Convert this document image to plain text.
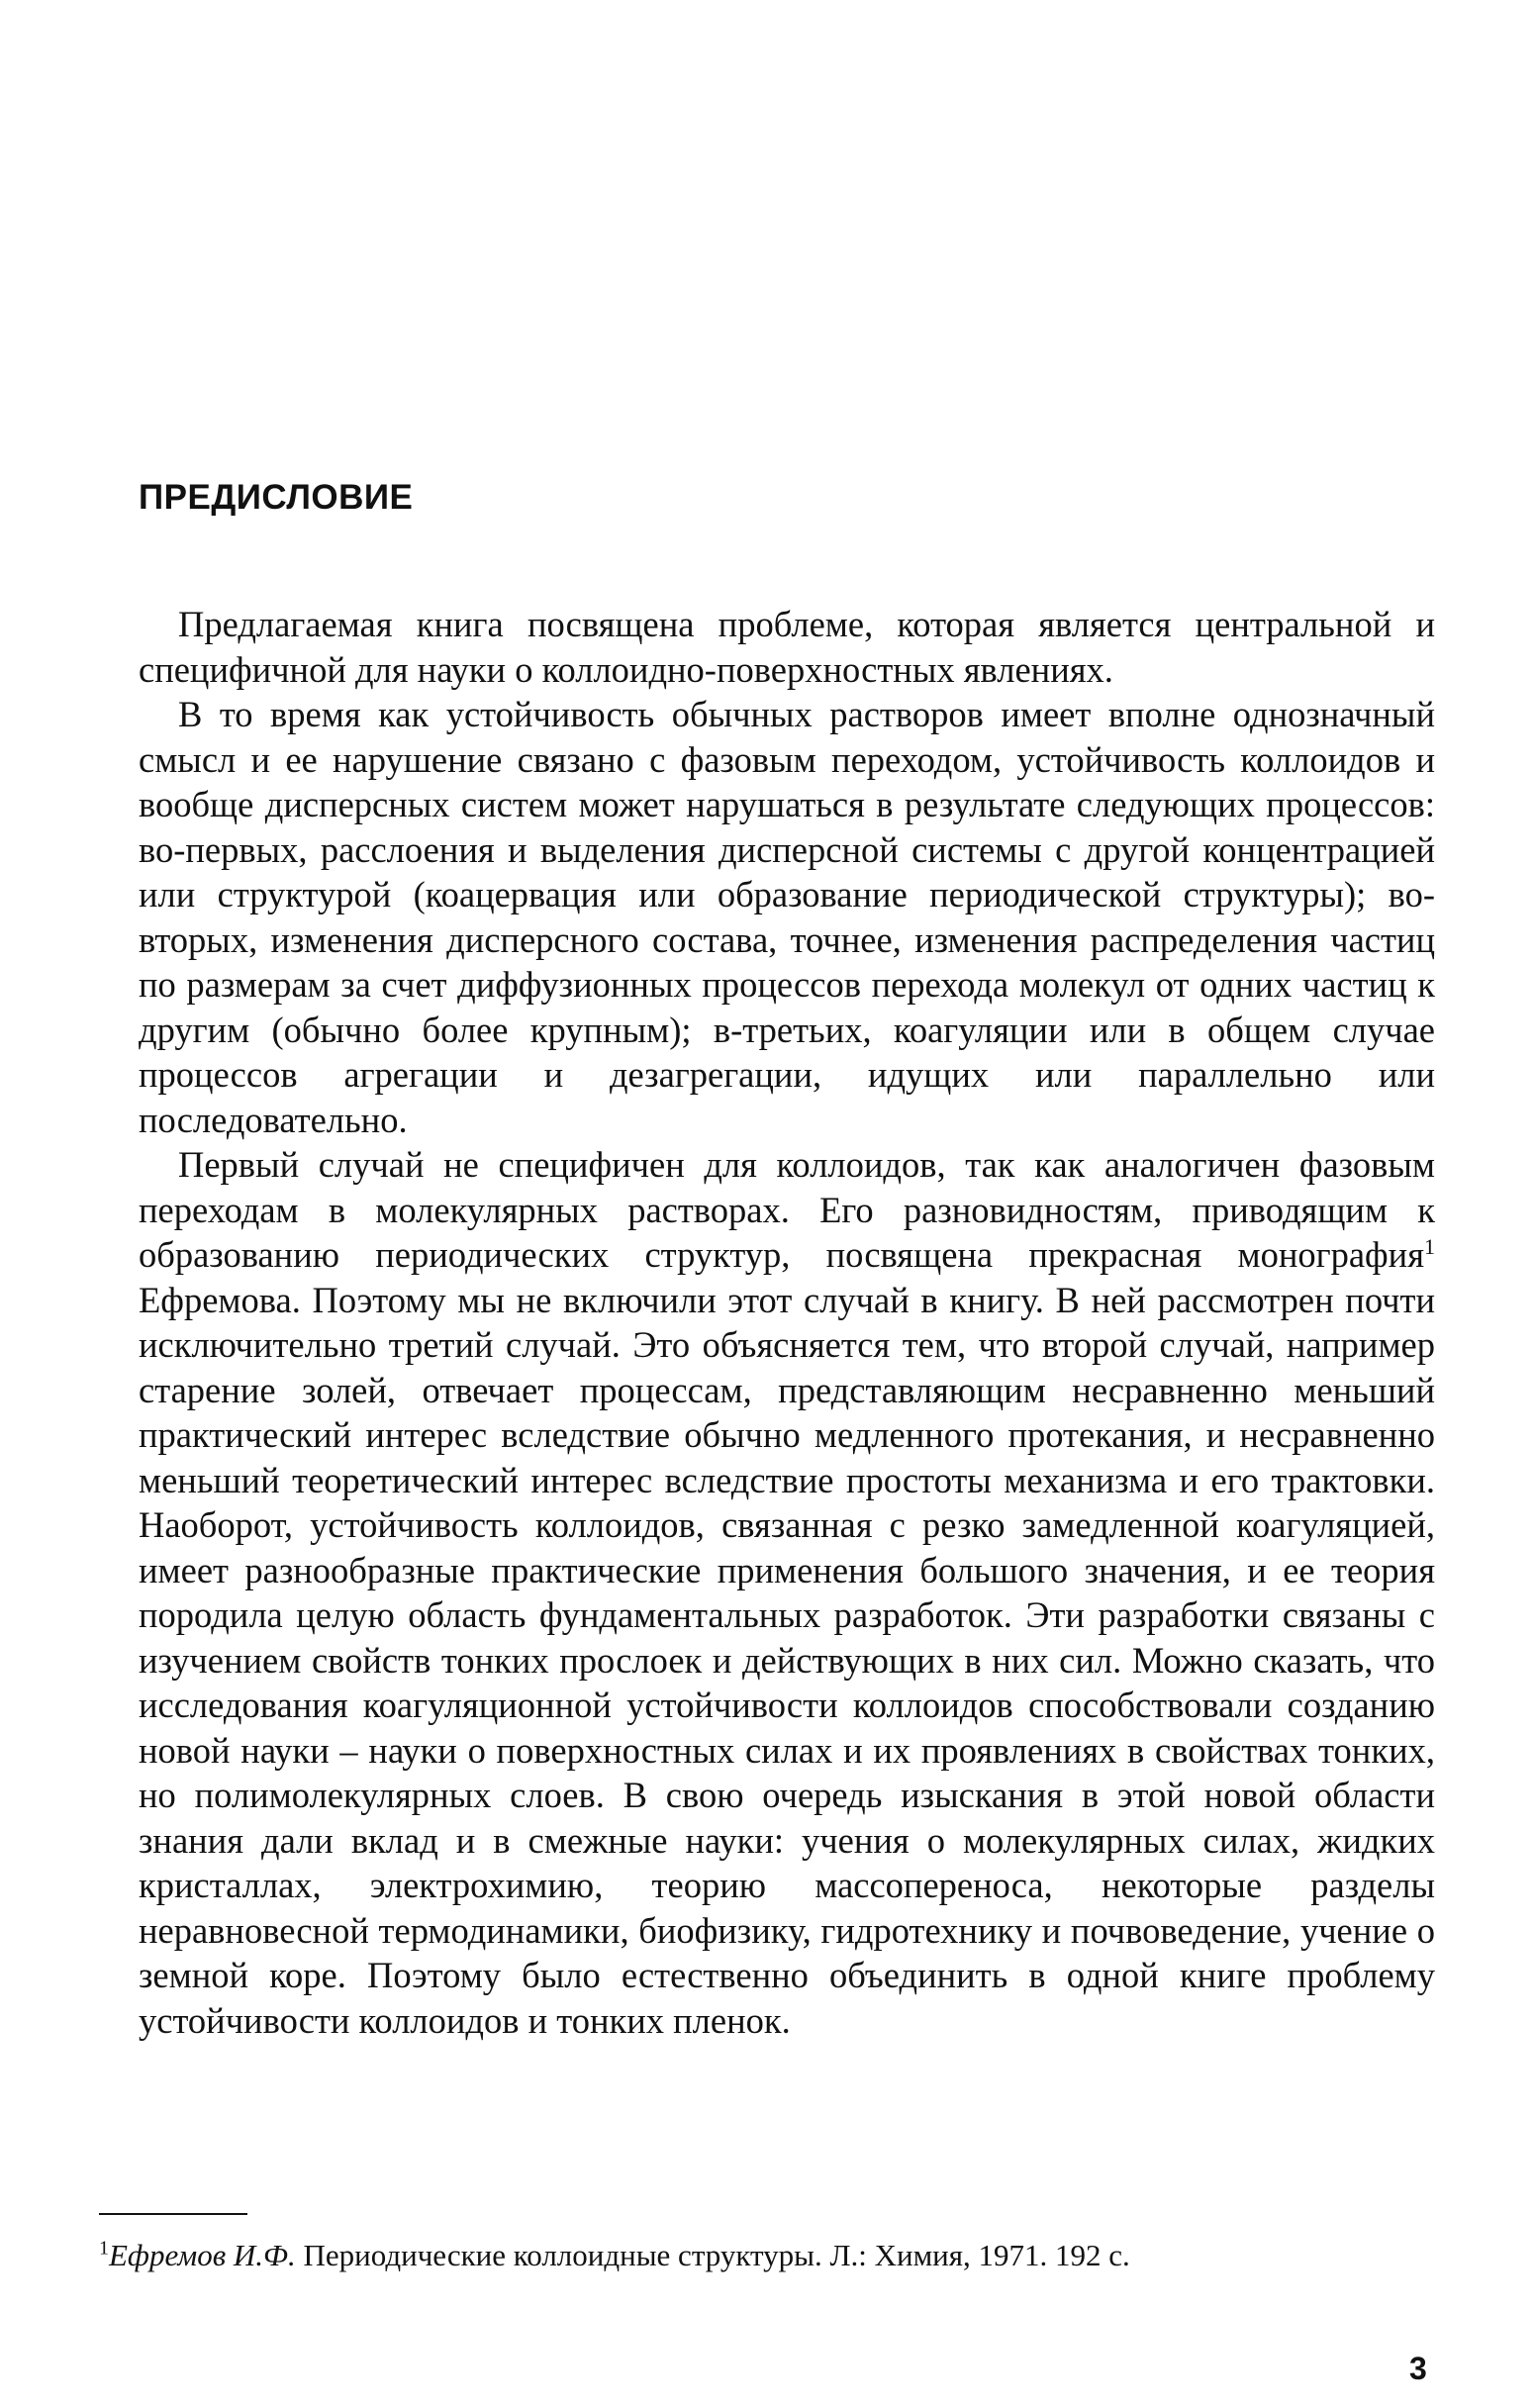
ПРЕДИСЛОВИЕ

Предлагаемая книга посвящена проблеме, которая является центральной и специфичной для науки о коллоидно-поверхностных явлениях.

В то время как устойчивость обычных растворов имеет вполне однозначный смысл и ее нарушение связано с фазовым переходом, устойчивость коллоидов и вообще дисперсных систем может нарушаться в результате следующих процессов: во-первых, расслоения и выделения дисперсной системы с другой концентрацией или структурой (коацервация или образование периодической структуры); во-вторых, изменения дисперсного состава, точнее, изменения распределения частиц по размерам за счет диффузионных процессов перехода молекул от одних частиц к другим (обычно более крупным); в-третьих, коагуляции или в общем случае процессов агрегации и дезагрегации, идущих или параллельно или последовательно.

Первый случай не специфичен для коллоидов, так как аналогичен фазовым переходам в молекулярных растворах. Его разновидностям, приводящим к образованию периодических структур, посвящена прекрасная монография$^1$ Ефремова. Поэтому мы не включили этот случай в книгу. В ней рассмотрен почти исключительно третий случай. Это объясняется тем, что второй случай, например старение золей, отвечает процессам, представляющим несравненно меньший практический интерес вследствие обычно медленного протекания, и несравненно меньший теоретический интерес вследствие простоты механизма и его трактовки. Наоборот, устойчивость коллоидов, связанная с резко замедленной коагуляцией, имеет разнообразные практические применения большого значения, и ее теория породила целую область фундаментальных разработок. Эти разработки связаны с изучением свойств тонких прослоек и действующих в них сил. Можно сказать, что исследования коагуляционной устойчивости коллоидов способствовали созданию новой науки – науки о поверхностных силах и их проявлениях в свойствах тонких, но полимолекулярных слоев. В свою очередь изыскания в этой новой области знания дали вклад и в смежные науки: учения о молекулярных силах, жидких кристаллах, электрохимию, теорию массопереноса, некоторые разделы неравновесной термодинамики, биофизику, гидротехнику и почвоведение, учение о земной коре. Поэтому было естественно объединить в одной книге проблему устойчивости коллоидов и тонких пленок.

$^1$Ефремов И.Ф. Периодические коллоидные структуры. Л.: Химия, 1971. 192 с.
3
